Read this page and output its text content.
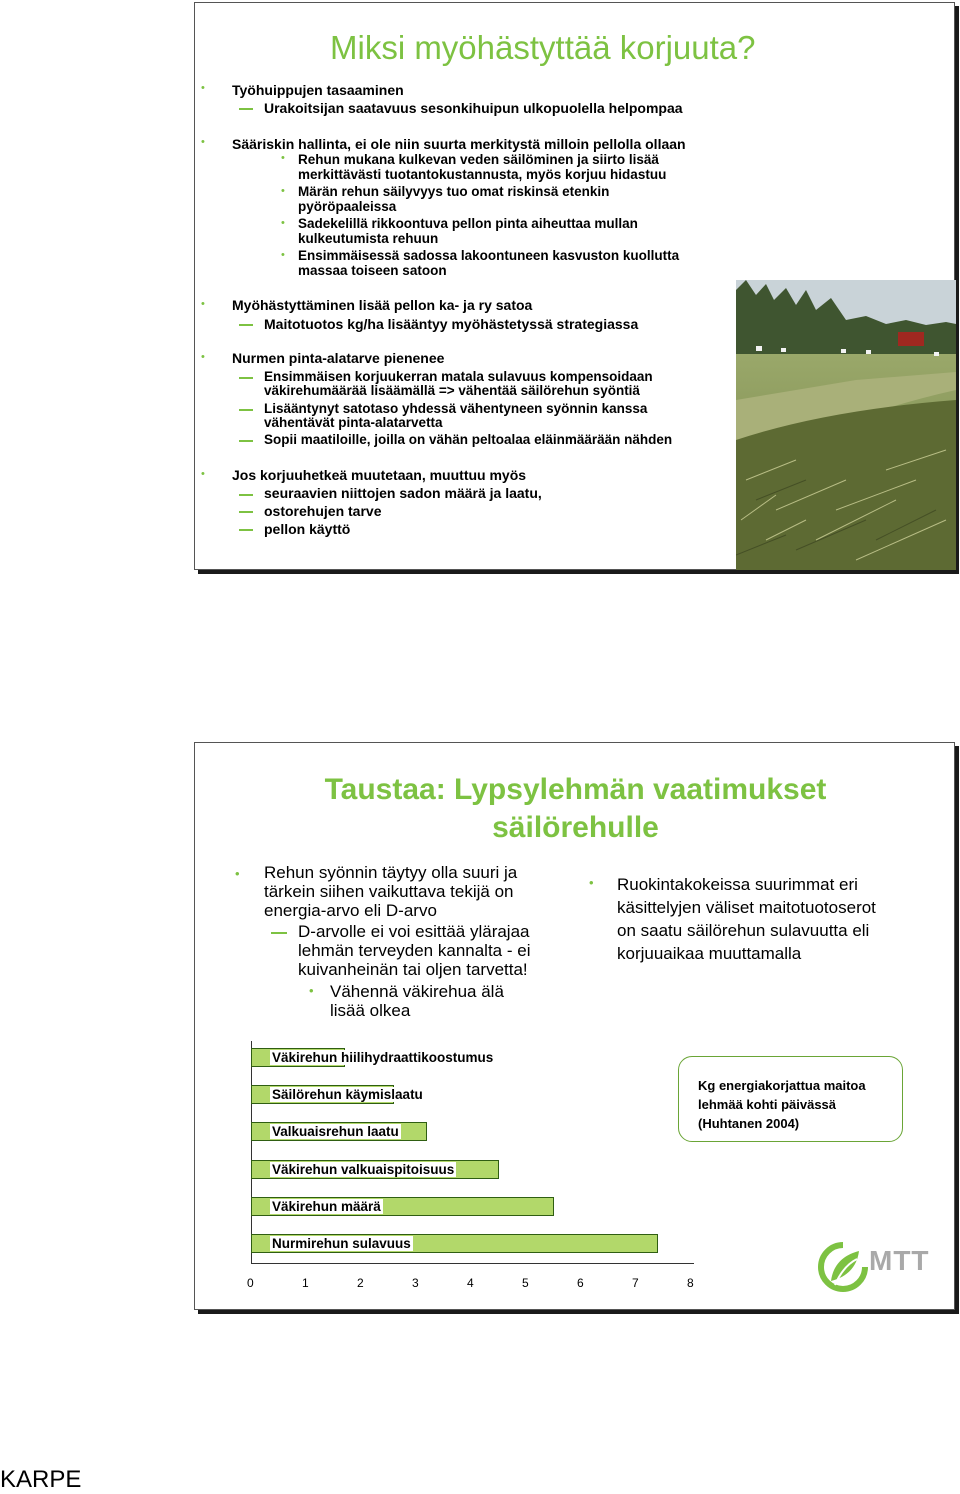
Miksi myöhästyttää korjuuta?
• Työhuippujen tasaaminen
Urakoitsijan saatavuus sesonkihuipun ulkopuolella helpompaa
• Sääriskin hallinta, ei ole niin suurta merkitystä milloin pellolla ollaan
• Rehun mukana kulkevan veden säilöminen ja siirto lisää
merkittävästi tuotantokustannusta, myös korjuu hidastuu
• Märän rehun säilyvyys tuo omat riskinsä etenkin
pyöröpaaleissa
• Sadekelillä rikkoontuva pellon pinta aiheuttaa mullan
kulkeutumista rehuun
• Ensimmäisessä sadossa lakoontuneen kasvuston kuollutta
massaa toiseen satoon
• Myöhästyttäminen lisää pellon ka- ja ry satoa
Maitotuotos kg/ha lisääntyy myöhästetyssä strategiassa
• Nurmen pinta-alatarve pienenee
Ensimmäisen korjuukerran matala sulavuus kompensoidaan
väkirehumäärää lisäämällä => vähentää säilörehun syöntiä
Lisääntynyt satotaso yhdessä vähentyneen syönnin kanssa
vähentävät pinta-alatarvetta
Sopii maatiloille, joilla on vähän peltoalaa eläinmäärään nähden
• Jos korjuuhetkeä muutetaan, muuttuu myös
seuraavien niittojen sadon määrä ja laatu,
ostorehujen tarve
pellon käyttö
Taustaa: Lypsylehmän vaatimukset
säilörehulle
• Rehun syönnin täytyy olla suuri ja
tärkein siihen vaikuttava tekijä on
energia-arvo eli D-arvo
D-arvolle ei voi esittää ylärajaa
lehmän terveyden kannalta - ei
kuivanheinän tai oljen tarvetta!
• Vähennä väkirehua älä
lisää olkea
• Ruokintakokeissa suurimmat eri
käsittelyjen väliset maitotuotoserot
on saatu säilörehun sulavuutta eli
korjuuaikaa muuttamalla
Väkirehun hiilihydraattikoostumus
Säilörehun käymislaatu
Valkuaisrehun laatu
Väkirehun valkuaispitoisuus
Väkirehun määrä
Nurmirehun sulavuus
0	1	2	3	4	5	6	7	8
Kg energiakorjattua maitoa
lehmää kohti päivässä
(Huhtanen 2004)
MTT
KARPE
